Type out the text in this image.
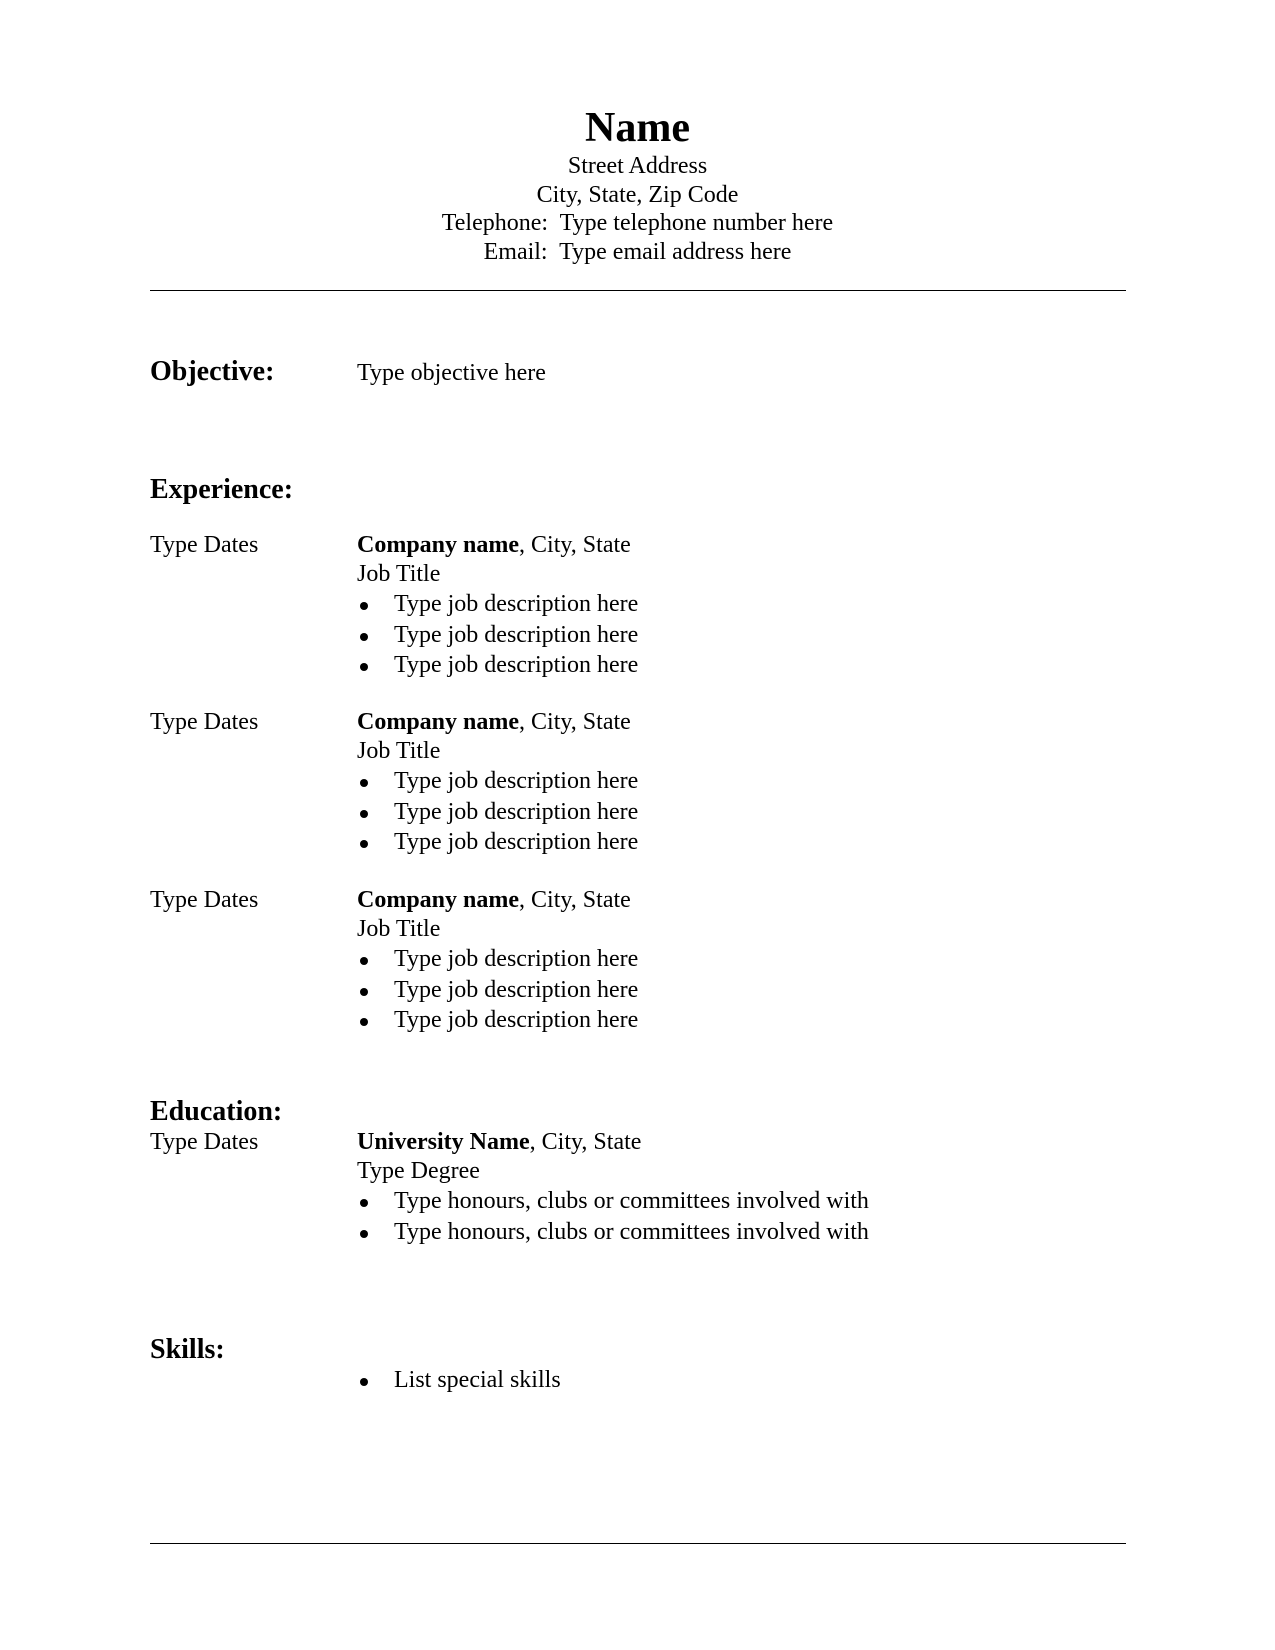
Name
Street Address
City, State, Zip Code
Telephone: Type telephone number here
Email: Type email address here
Objective:	Type objective here
Experience:
Type Dates	Company name, City, State
Job Title
Type job description here
Type job description here
Type job description here
Type Dates	Company name, City, State
Job Title
Type job description here
Type job description here
Type job description here
Type Dates	Company name, City, State
Job Title
Type job description here
Type job description here
Type job description here
Education:
Type Dates	University Name, City, State
Type Degree
Type honours, clubs or committees involved with
Type honours, clubs or committees involved with
Skills:
List special skills
